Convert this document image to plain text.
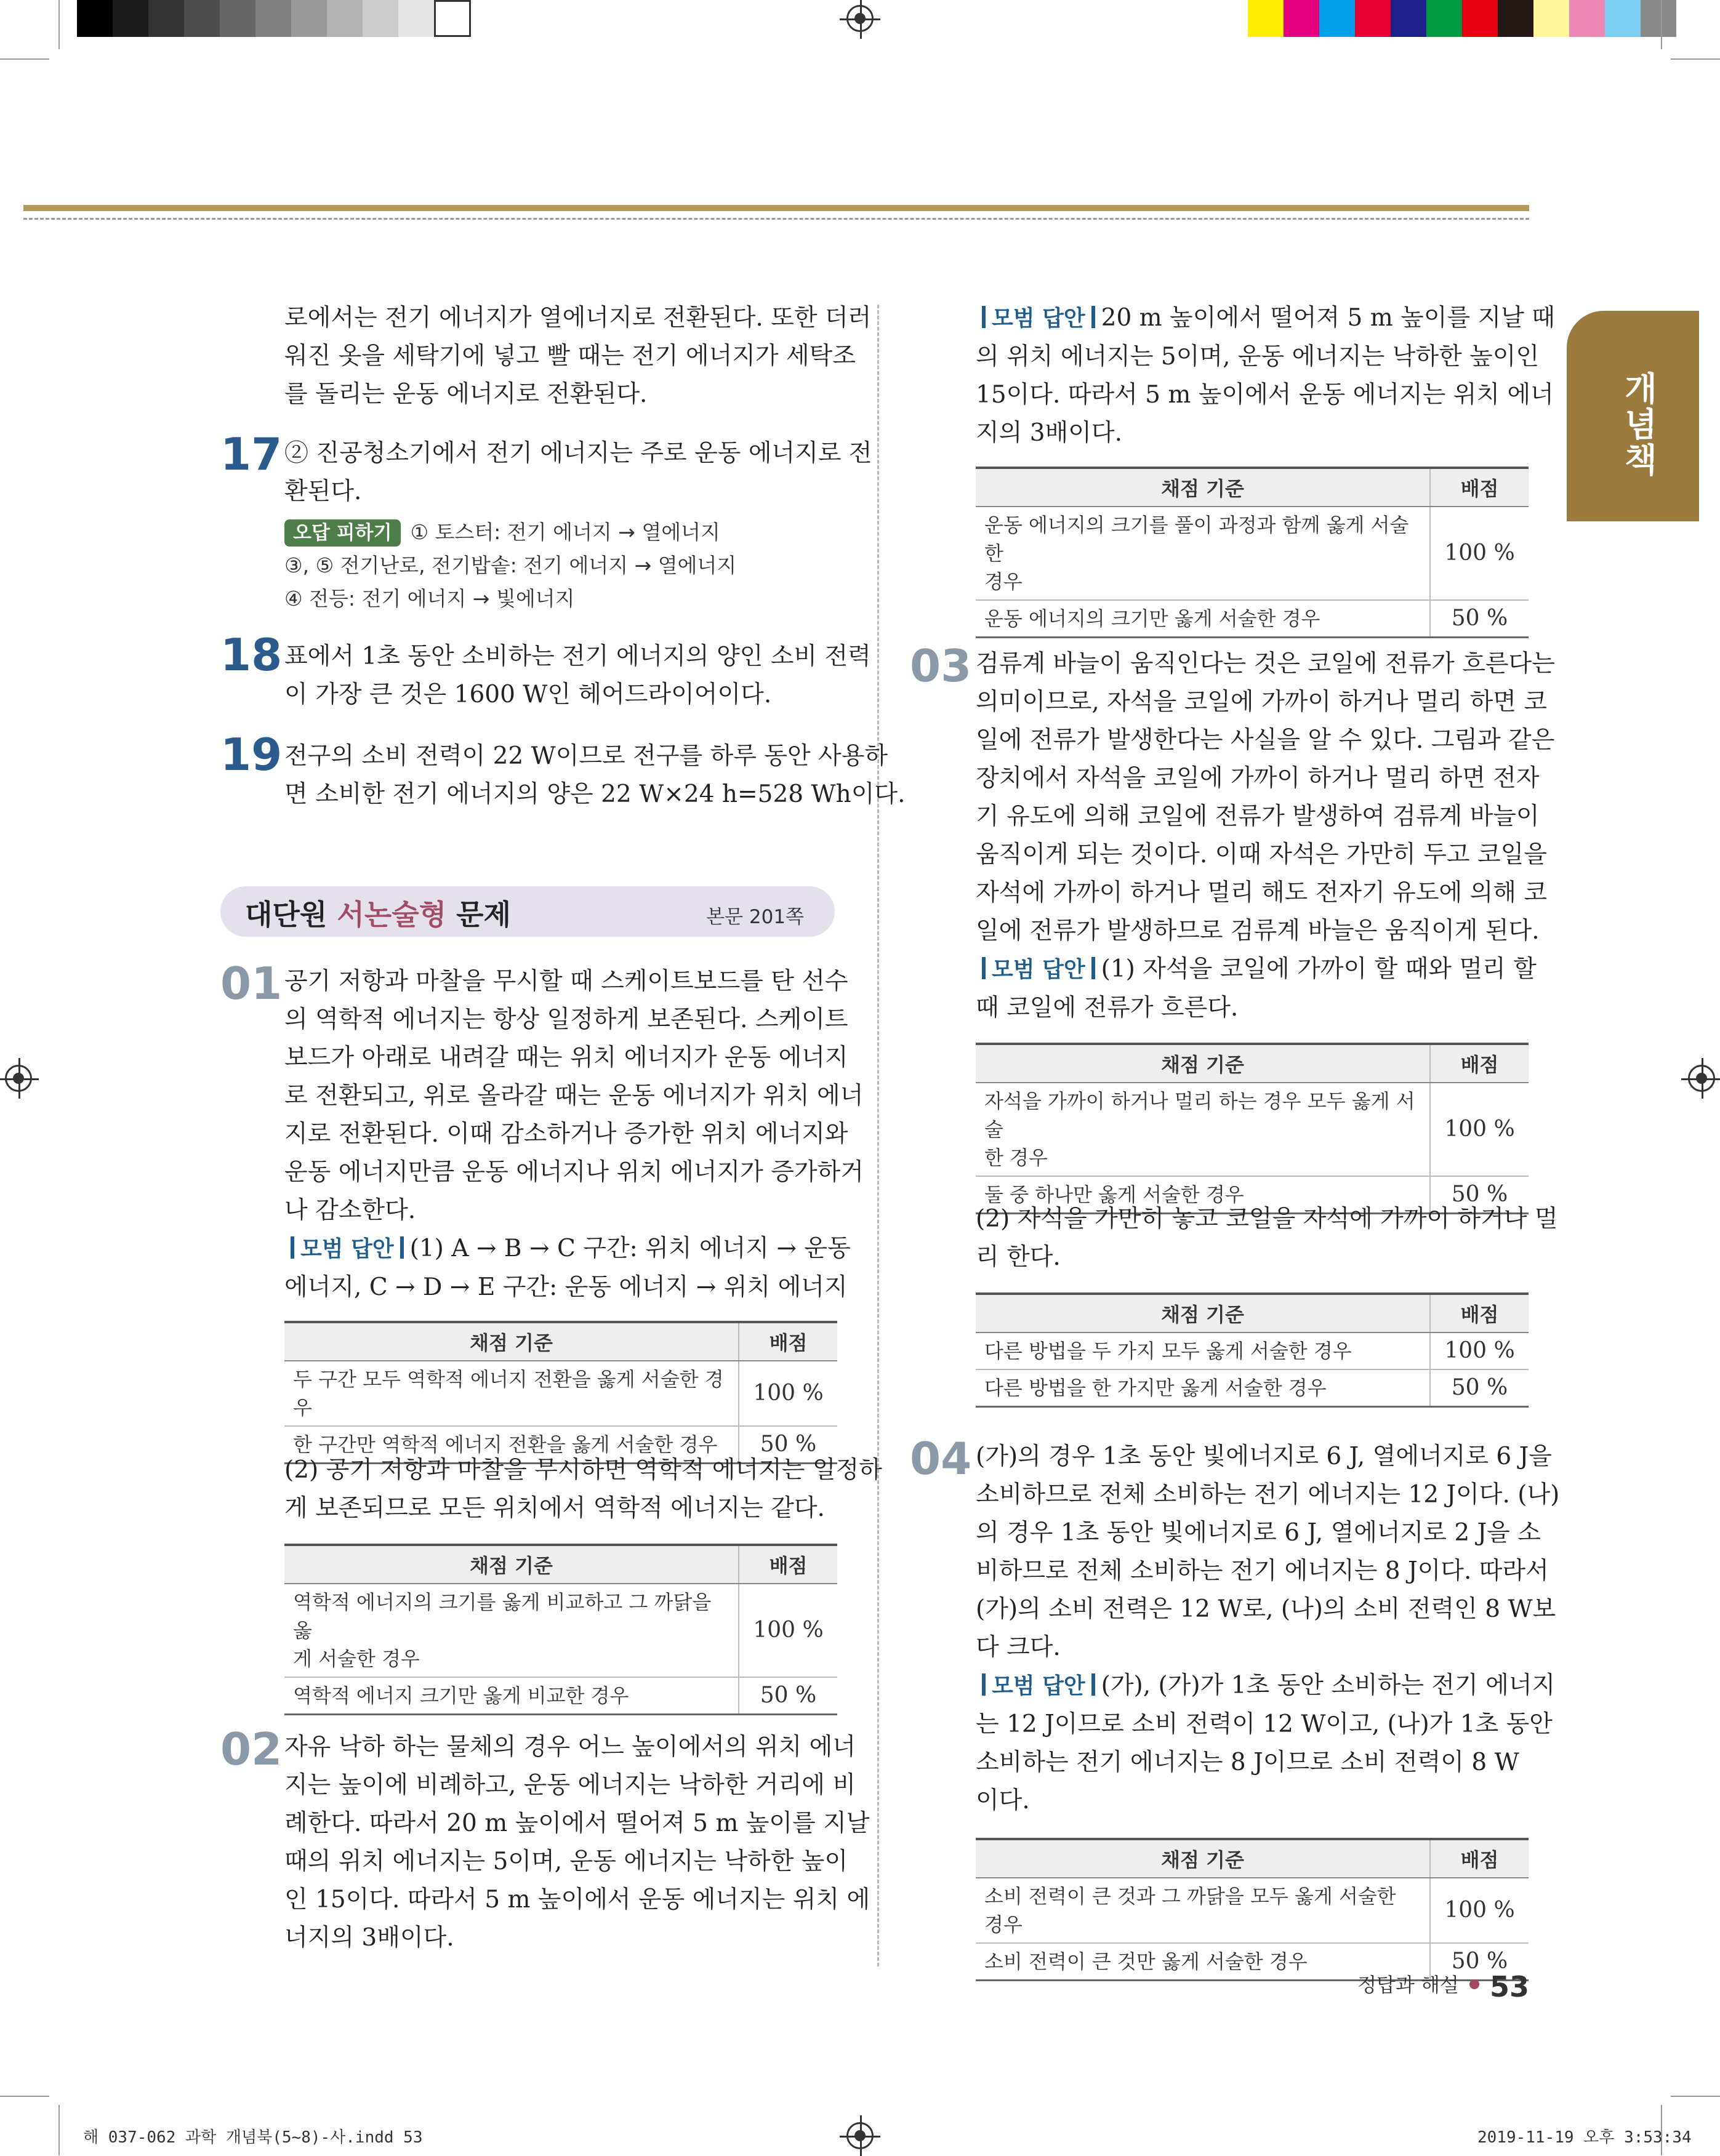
개념책
로에서는 전기 에너지가 열에너지로 전환된다. 또한 더러
워진 옷을 세탁기에 넣고 빨 때는 전기 에너지가 세탁조
를 돌리는 운동 에너지로 전환된다.
17 ② 진공청소기에서 전기 에너지는 주로 운동 에너지로 전
환된다.
오답 피하기 ① 토스터: 전기 에너지 → 열에너지
③, ⑤ 전기난로, 전기밥솥: 전기 에너지 → 열에너지
④ 전등: 전기 에너지 → 빛에너지
18 표에서 1초 동안 소비하는 전기 에너지의 양인 소비 전력
이 가장 큰 것은 1600 W인 헤어드라이어이다.
19 전구의 소비 전력이 22 W이므로 전구를 하루 동안 사용하
면 소비한 전기 에너지의 양은 22 W×24 h=528 Wh이다.
대단원 서논술형 문제	본문 201쪽
01 공기 저항과 마찰을 무시할 때 스케이트보드를 탄 선수
의 역학적 에너지는 항상 일정하게 보존된다. 스케이트
보드가 아래로 내려갈 때는 위치 에너지가 운동 에너지
로 전환되고, 위로 올라갈 때는 운동 에너지가 위치 에너
지로 전환된다. 이때 감소하거나 증가한 위치 에너지와
운동 에너지만큼 운동 에너지나 위치 에너지가 증가하거
나 감소한다.
모범 답안 (1) A → B → C 구간: 위치 에너지 → 운동
에너지, C → D → E 구간: 운동 에너지 → 위치 에너지
채점 기준	배점
두 구간 모두 역학적 에너지 전환을 옳게 서술한 경우	100 %
한 구간만 역학적 에너지 전환을 옳게 서술한 경우	50 %
(2) 공기 저항과 마찰을 무시하면 역학적 에너지는 일정하
게 보존되므로 모든 위치에서 역학적 에너지는 같다.
채점 기준	배점

역학적 에너지의 크기를 옳게 비교하고 그 까닭을 옳
게 서술한 경우	100 %
역학적 에너지 크기만 옳게 비교한 경우	50 %
02 자유 낙하 하는 물체의 경우 어느 높이에서의 위치 에너
지는 높이에 비례하고, 운동 에너지는 낙하한 거리에 비
례한다. 따라서 20 m 높이에서 떨어져 5 m 높이를 지날
때의 위치 에너지는 5이며, 운동 에너지는 낙하한 높이
인 15이다. 따라서 5 m 높이에서 운동 에너지는 위치 에
너지의 3배이다.
모범 답안 20 m 높이에서 떨어져 5 m 높이를 지날 때
의 위치 에너지는 5이며, 운동 에너지는 낙하한 높이인
15이다. 따라서 5 m 높이에서 운동 에너지는 위치 에너
지의 3배이다.
채점 기준	배점

운동 에너지의 크기를 풀이 과정과 함께 옳게 서술한
경우	100 %
운동 에너지의 크기만 옳게 서술한 경우	50 %
03 검류계 바늘이 움직인다는 것은 코일에 전류가 흐른다는
의미이므로, 자석을 코일에 가까이 하거나 멀리 하면 코
일에 전류가 발생한다는 사실을 알 수 있다. 그림과 같은
장치에서 자석을 코일에 가까이 하거나 멀리 하면 전자
기 유도에 의해 코일에 전류가 발생하여 검류계 바늘이
움직이게 되는 것이다. 이때 자석은 가만히 두고 코일을
자석에 가까이 하거나 멀리 해도 전자기 유도에 의해 코
일에 전류가 발생하므로 검류계 바늘은 움직이게 된다.
모범 답안 (1) 자석을 코일에 가까이 할 때와 멀리 할
때 코일에 전류가 흐른다.
채점 기준	배점

자석을 가까이 하거나 멀리 하는 경우 모두 옳게 서술
한 경우	100 %
둘 중 하나만 옳게 서술한 경우	50 %
(2) 자석을 가만히 놓고 코일을 자석에 가까이 하거나 멀
리 한다.
채점 기준	배점
다른 방법을 두 가지 모두 옳게 서술한 경우	100 %
다른 방법을 한 가지만 옳게 서술한 경우	50 %
04 (가)의 경우 1초 동안 빛에너지로 6 J, 열에너지로 6 J을
소비하므로 전체 소비하는 전기 에너지는 12 J이다. (나)
의 경우 1초 동안 빛에너지로 6 J, 열에너지로 2 J을 소
비하므로 전체 소비하는 전기 에너지는 8 J이다. 따라서
(가)의 소비 전력은 12 W로, (나)의 소비 전력인 8 W보
다 크다.
모범 답안 (가), (가)가 1초 동안 소비하는 전기 에너지
는 12 J이므로 소비 전력이 12 W이고, (나)가 1초 동안
소비하는 전기 에너지는 8 J이므로 소비 전력이 8 W
이다.
채점 기준	배점
소비 전력이 큰 것과 그 까닭을 모두 옳게 서술한 경우	100 %
소비 전력이 큰 것만 옳게 서술한 경우	50 %
정답과 해설 53
해 037-062 과학 개념북(5~8)-사.indd 53	2019-11-19 오후 3:53:34
